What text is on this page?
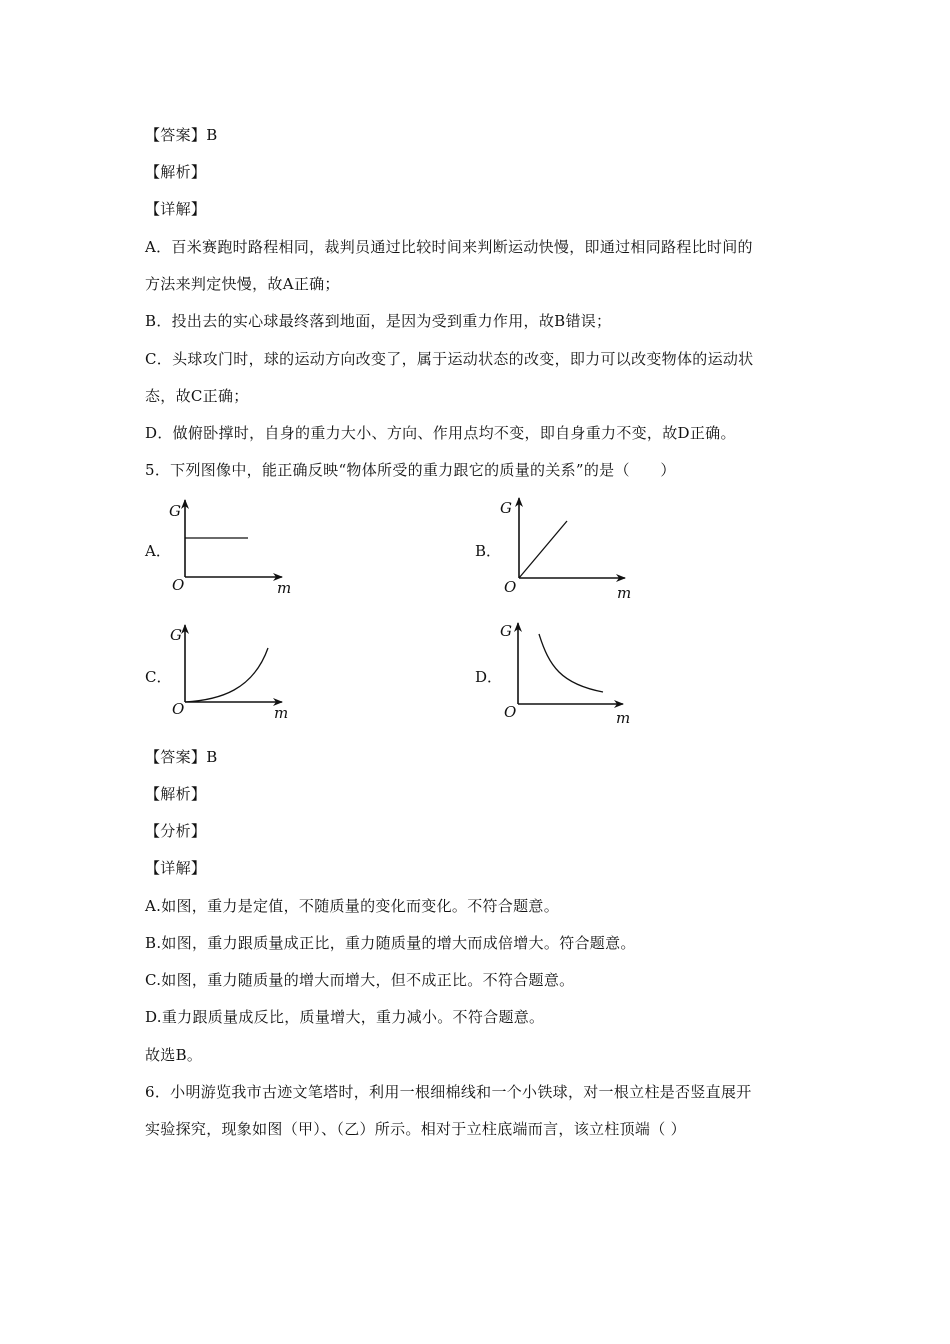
【答案】B
【解析】
【详解】
A．百米赛跑时路程相同，裁判员通过比较时间来判断运动快慢，即通过相同路程比时间的
方法来判定快慢，故A正确；
B．投出去的实心球最终落到地面，是因为受到重力作用，故B错误；
C．头球攻门时，球的运动方向改变了，属于运动状态的改变，即力可以改变物体的运动状
态，故C正确；
D．做俯卧撑时，自身的重力大小、方向、作用点均不变，即自身重力不变，故D正确。
5．下列图像中，能正确反映“物体所受的重力跟它的质量的关系”的是（　　）
A．
G
O	m
B．
G
O	m
C．
G
O	m
D．
G
O	m
【答案】B
【解析】
【分析】
【详解】
A.如图，重力是定值，不随质量的变化而变化。不符合题意。
B.如图，重力跟质量成正比，重力随质量的增大而成倍增大。符合题意。
C.如图，重力随质量的增大而增大，但不成正比。不符合题意。
D.重力跟质量成反比，质量增大，重力减小。不符合题意。
故选B。
6．小明游览我市古迹文笔塔时，利用一根细棉线和一个小铁球，对一根立柱是否竖直展开
实验探究，现象如图（甲）、（乙）所示。相对于立柱底端而言，该立柱顶端（ ）
